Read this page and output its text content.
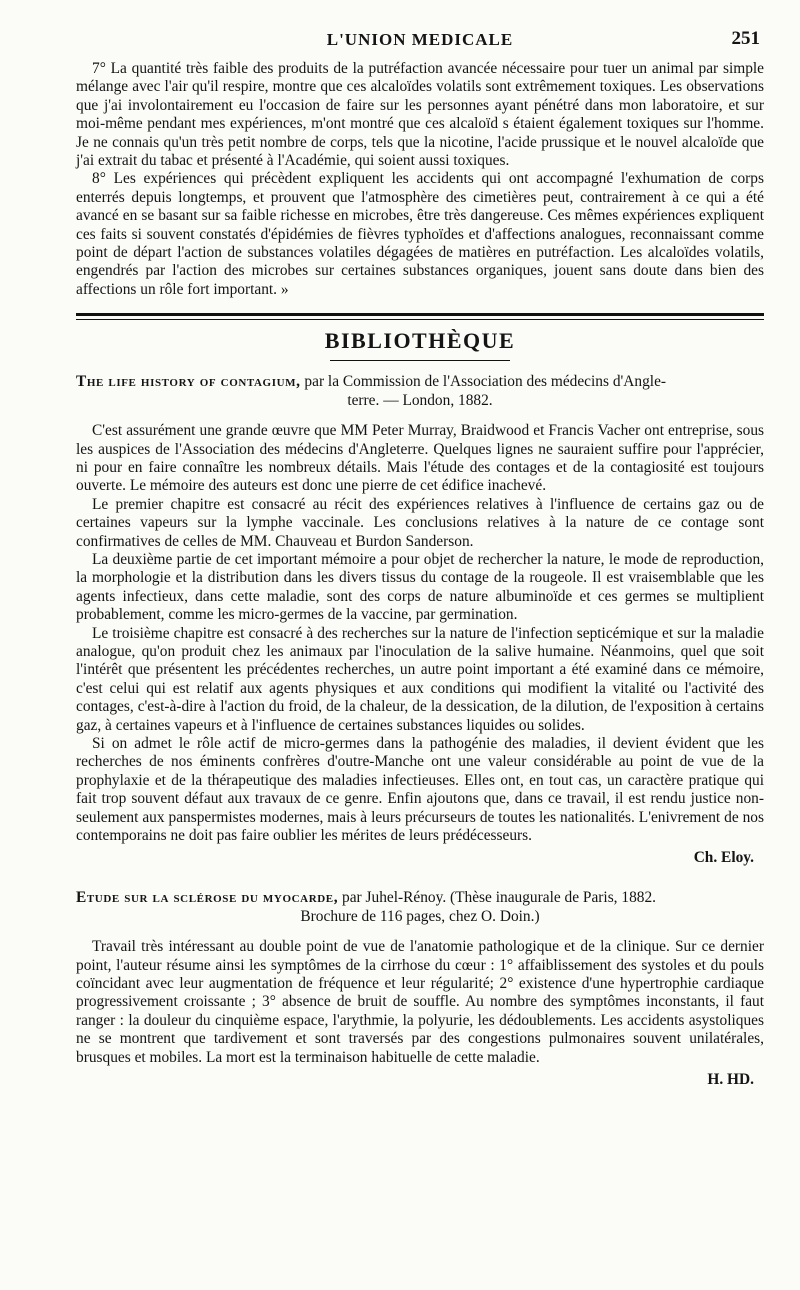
L'UNION MEDICALE	251

7° La quantité très faible des produits de la putréfaction avancée nécessaire pour tuer un animal par simple mélange avec l'air qu'il respire, montre que ces alcaloïdes volatils sont extrêmement toxiques. Les observations que j'ai involontairement eu l'occasion de faire sur les personnes ayant pénétré dans mon laboratoire, et sur moi-même pendant mes expériences, m'ont montré que ces alcaloïd s étaient également toxiques sur l'homme. Je ne connais qu'un très petit nombre de corps, tels que la nicotine, l'acide prussique et le nouvel alcaloïde que j'ai extrait du tabac et présenté à l'Académie, qui soient aussi toxiques.

8° Les expériences qui précèdent expliquent les accidents qui ont accompagné l'exhumation de corps enterrés depuis longtemps, et prouvent que l'atmosphère des cimetières peut, contrairement à ce qui a été avancé en se basant sur sa faible richesse en microbes, être très dangereuse. Ces mêmes expériences expliquent ces faits si souvent constatés d'épidémies de fièvres typhoïdes et d'affections analogues, reconnaissant comme point de départ l'action de substances volatiles dégagées de matières en putréfaction. Les alcaloïdes volatils, engendrés par l'action des microbes sur certaines substances organiques, jouent sans doute dans bien des affections un rôle fort important. »

BIBLIOTHÈQUE
The life history of contagium, par la Commission de l'Association des médecins d'Angle-
terre. — London, 1882.

C'est assurément une grande œuvre que MM Peter Murray, Braidwood et Francis Vacher ont entreprise, sous les auspices de l'Association des médecins d'Angleterre. Quelques lignes ne sauraient suffire pour l'apprécier, ni pour en faire connaître les nombreux détails. Mais l'étude des contages et de la contagiosité est toujours ouverte. Le mémoire des auteurs est donc une pierre de cet édifice inachevé.

Le premier chapitre est consacré au récit des expériences relatives à l'influence de certains gaz ou de certaines vapeurs sur la lymphe vaccinale. Les conclusions relatives à la nature de ce contage sont confirmatives de celles de MM. Chauveau et Burdon Sanderson.

La deuxième partie de cet important mémoire a pour objet de rechercher la nature, le mode de reproduction, la morphologie et la distribution dans les divers tissus du contage de la rougeole. Il est vraisemblable que les agents infectieux, dans cette maladie, sont des corps de nature albuminoïde et ces germes se multiplient probablement, comme les micro-germes de la vaccine, par germination.

Le troisième chapitre est consacré à des recherches sur la nature de l'infection septicémique et sur la maladie analogue, qu'on produit chez les animaux par l'inoculation de la salive humaine. Néanmoins, quel que soit l'intérêt que présentent les précédentes recherches, un autre point important a été examiné dans ce mémoire, c'est celui qui est relatif aux agents physiques et aux conditions qui modifient la vitalité ou l'activité des contages, c'est-à-dire à l'action du froid, de la chaleur, de la dessication, de la dilution, de l'exposition à certains gaz, à certaines vapeurs et à l'influence de certaines substances liquides ou solides.

Si on admet le rôle actif de micro-germes dans la pathogénie des maladies, il devient évident que les recherches de nos éminents confrères d'outre-Manche ont une valeur considérable au point de vue de la prophylaxie et de la thérapeutique des maladies infectieuses. Elles ont, en tout cas, un caractère pratique qui fait trop souvent défaut aux travaux de ce genre. Enfin ajoutons que, dans ce travail, il est rendu justice non-seulement aux panspermistes modernes, mais à leurs précurseurs de toutes les nationalités. L'enivrement de nos contemporains ne doit pas faire oublier les mérites de leurs prédécesseurs.

Ch. Eloy.
Etude sur la sclérose du myocarde, par Juhel-Rénoy. (Thèse inaugurale de Paris, 1882.
Brochure de 116 pages, chez O. Doin.)

Travail très intéressant au double point de vue de l'anatomie pathologique et de la clinique. Sur ce dernier point, l'auteur résume ainsi les symptômes de la cirrhose du cœur : 1° affaiblissement des systoles et du pouls coïncidant avec leur augmentation de fréquence et leur régularité; 2° existence d'une hypertrophie cardiaque progressivement croissante ; 3° absence de bruit de souffle. Au nombre des symptômes inconstants, il faut ranger : la douleur du cinquième espace, l'arythmie, la polyurie, les dédoublements. Les accidents asystoliques ne se montrent que tardivement et sont traversés par des congestions pulmonaires souvent unilatérales, brusques et mobiles. La mort est la terminaison habituelle de cette maladie.

H. HD.
